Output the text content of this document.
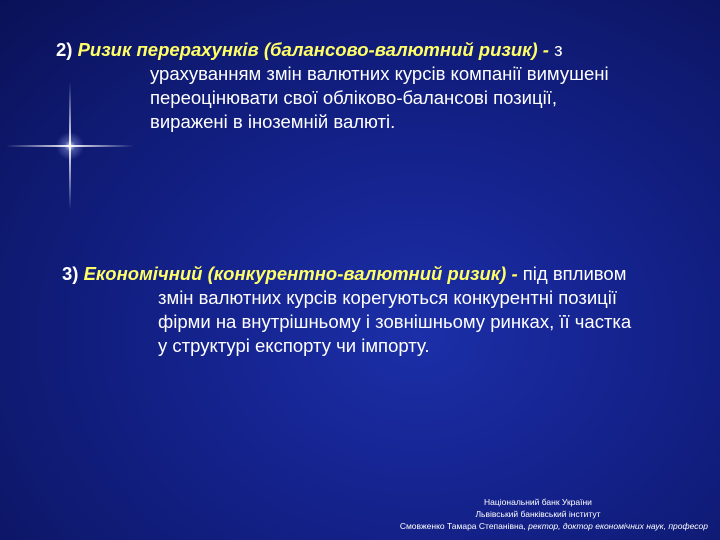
2) Ризик перерахунків (балансово-валютний ризик) - з
урахуванням змін валютних курсів компанії вимушені
переоцінювати свої обліково-балансові позиції,
виражені в іноземній валюті.
3) Економічний (конкурентно-валютний ризик) - під впливом
змін валютних курсів корегуються конкурентні позиції
фірми на внутрішньому і зовнішньому ринках, її частка
у структурі експорту чи імпорту.
Національний банк України
Львівський банківський інститут
Смовженко Тамара Степанівна, ректор, доктор економічних наук, професор
